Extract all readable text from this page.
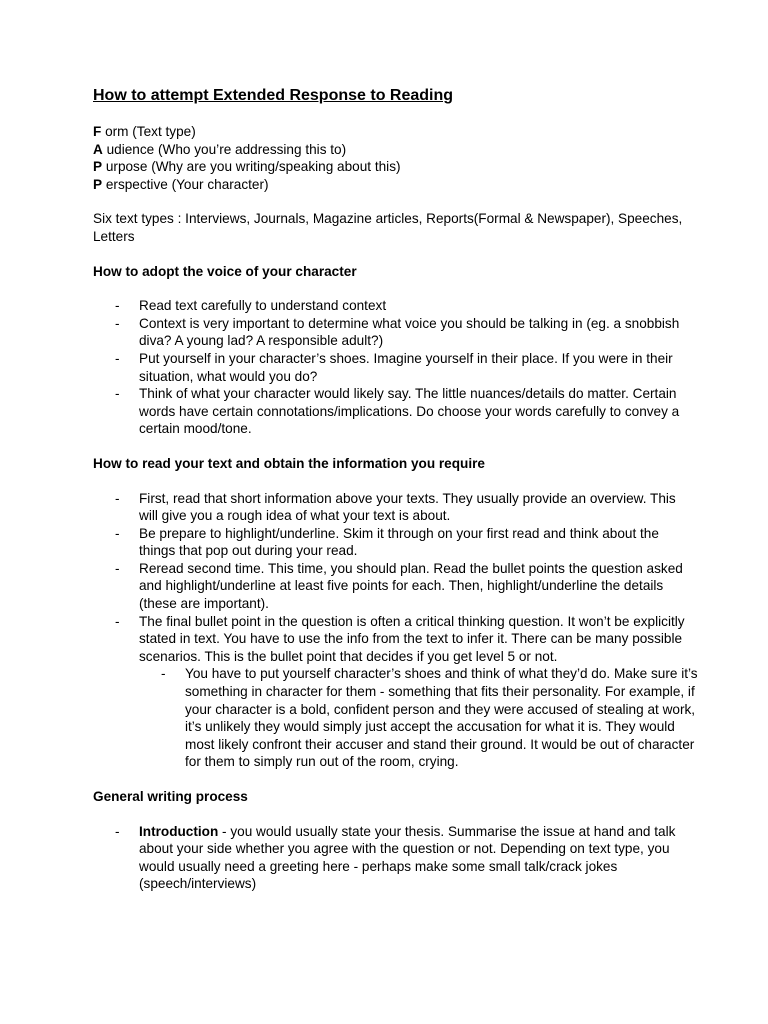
How to attempt Extended Response to Reading

F orm (Text type)

A udience (Who you’re addressing this to)

P urpose (Why are you writing/speaking about this)

P erspective (Your character)

Six text types : Interviews, Journals, Magazine articles, Reports(Formal & Newspaper), Speeches, Letters

How to adopt the voice of your character

- Read text carefully to understand context
- Context is very important to determine what voice you should be talking in (eg. a snobbish diva? A young lad? A responsible adult?)
- Put yourself in your character’s shoes. Imagine yourself in their place. If you were in their situation, what would you do?
- Think of what your character would likely say. The little nuances/details do matter. Certain words have certain connotations/implications. Do choose your words carefully to convey a certain mood/tone.

How to read your text and obtain the information you require

- First, read that short information above your texts. They usually provide an overview. This will give you a rough idea of what your text is about.
- Be prepare to highlight/underline. Skim it through on your first read and think about the things that pop out during your read.
- Reread second time. This time, you should plan. Read the bullet points the question asked and highlight/underline at least five points for each. Then, highlight/underline the details (these are important).
- The final bullet point in the question is often a critical thinking question. It won’t be explicitly stated in text. You have to use the info from the text to infer it. There can be many possible scenarios. This is the bullet point that decides if you get level 5 or not.
- You have to put yourself character’s shoes and think of what they’d do. Make sure it’s something in character for them - something that fits their personality. For example, if your character is a bold, confident person and they were accused of stealing at work, it’s unlikely they would simply just accept the accusation for what it is. They would most likely confront their accuser and stand their ground. It would be out of character for them to simply run out of the room, crying.

General writing process

- Introduction - you would usually state your thesis. Summarise the issue at hand and talk about your side whether you agree with the question or not. Depending on text type, you would usually need a greeting here - perhaps make some small talk/crack jokes (speech/interviews)
